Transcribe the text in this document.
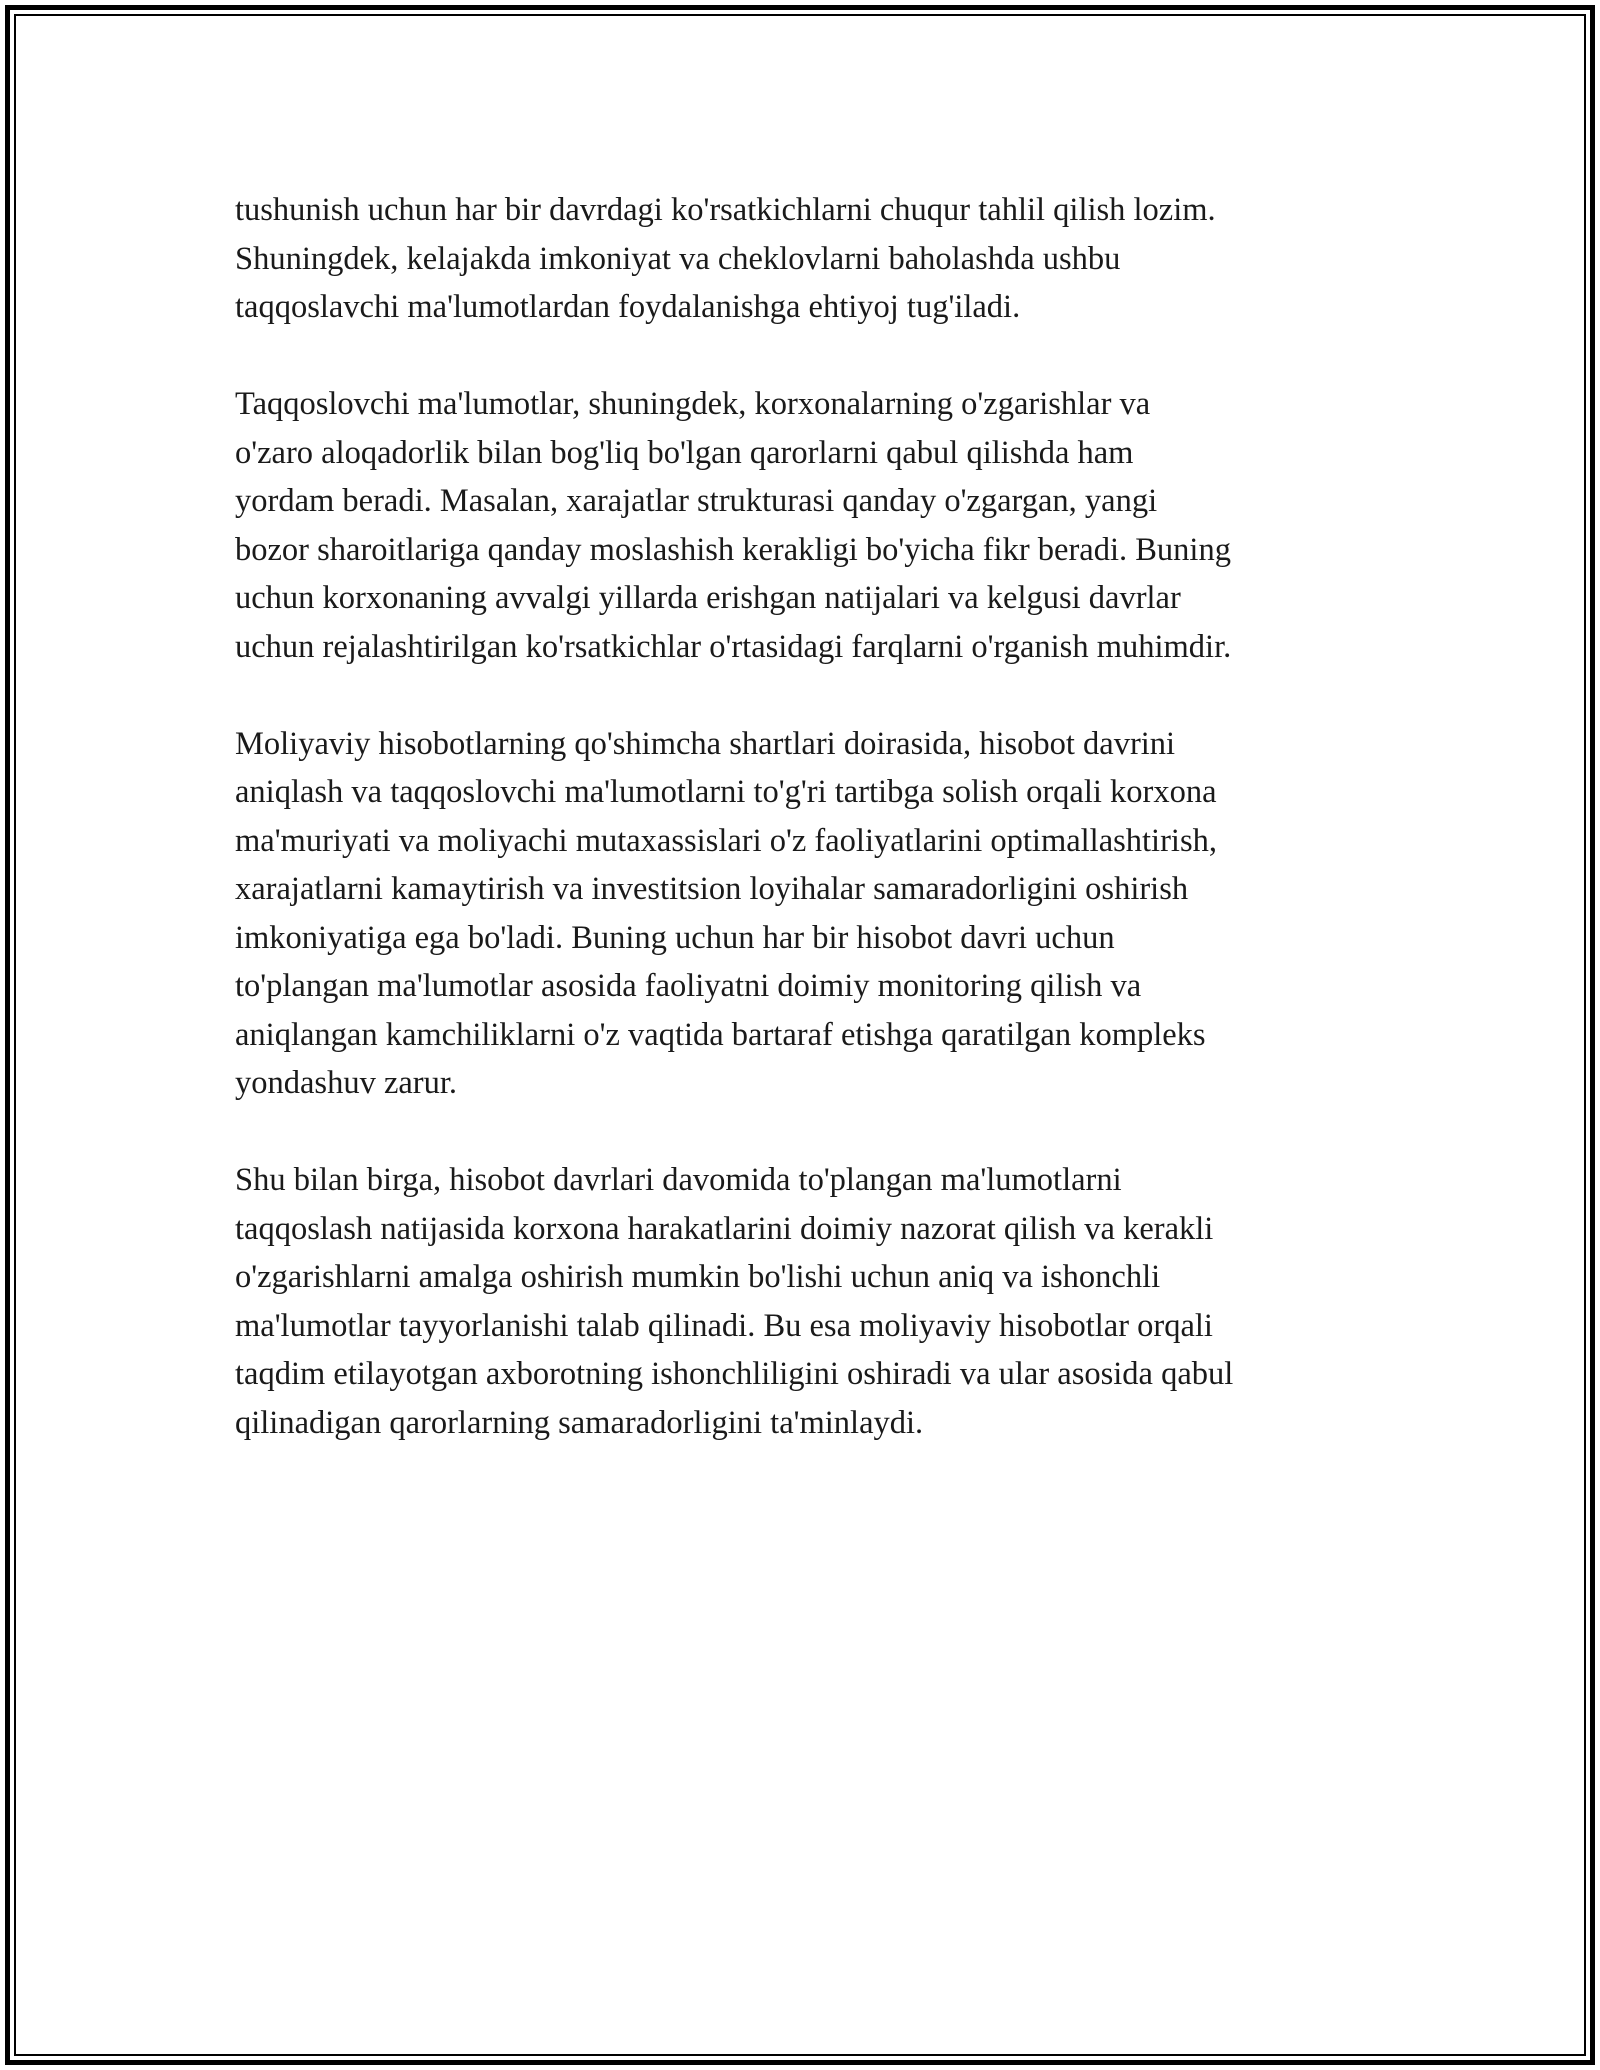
tushunish uchun har bir davrdagi ko'rsatkichlarni chuqur tahlil qilish lozim.
Shuningdek, kelajakda imkoniyat va cheklovlarni baholashda ushbu
taqqoslavchi ma'lumotlardan foydalanishga ehtiyoj tug'iladi.
Taqqoslovchi ma'lumotlar, shuningdek, korxonalarning o'zgarishlar va
o'zaro aloqadorlik bilan bog'liq bo'lgan qarorlarni qabul qilishda ham
yordam beradi. Masalan, xarajatlar strukturasi qanday o'zgargan, yangi
bozor sharoitlariga qanday moslashish kerakligi bo'yicha fikr beradi. Buning
uchun korxonaning avvalgi yillarda erishgan natijalari va kelgusi davrlar
uchun rejalashtirilgan ko'rsatkichlar o'rtasidagi farqlarni o'rganish muhimdir.
Moliyaviy hisobotlarning qo'shimcha shartlari doirasida, hisobot davrini
aniqlash va taqqoslovchi ma'lumotlarni to'g'ri tartibga solish orqali korxona
ma'muriyati va moliyachi mutaxassislari o'z faoliyatlarini optimallashtirish,
xarajatlarni kamaytirish va investitsion loyihalar samaradorligini oshirish
imkoniyatiga ega bo'ladi. Buning uchun har bir hisobot davri uchun
to'plangan ma'lumotlar asosida faoliyatni doimiy monitoring qilish va
aniqlangan kamchiliklarni o'z vaqtida bartaraf etishga qaratilgan kompleks
yondashuv zarur.
Shu bilan birga, hisobot davrlari davomida to'plangan ma'lumotlarni
taqqoslash natijasida korxona harakatlarini doimiy nazorat qilish va kerakli
o'zgarishlarni amalga oshirish mumkin bo'lishi uchun aniq va ishonchli
ma'lumotlar tayyorlanishi talab qilinadi. Bu esa moliyaviy hisobotlar orqali
taqdim etilayotgan axborotning ishonchliligini oshiradi va ular asosida qabul
qilinadigan qarorlarning samaradorligini ta'minlaydi.
